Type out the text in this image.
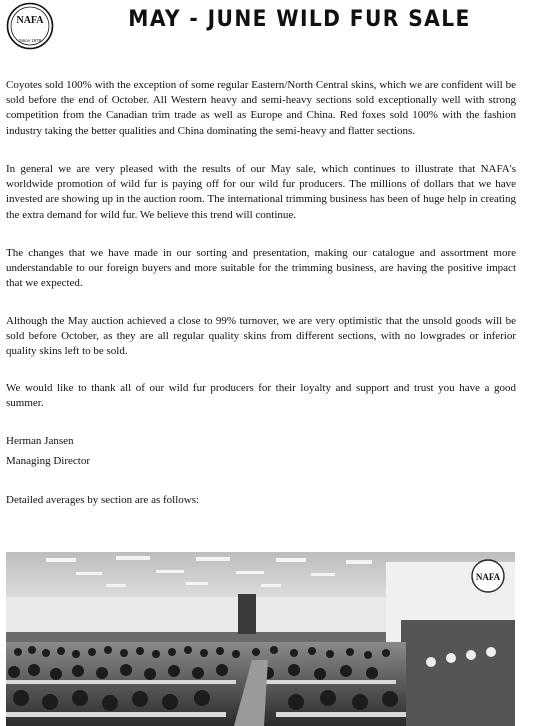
NAFA
Since 1978
MAY - JUNE WILD FUR SALE

Coyotes sold 100% with the exception of some regular Eastern/North Central skins, which we are confident will be sold before the end of October. All Western heavy and semi-heavy sections sold exceptionally well with strong competition from the Canadian trim trade as well as Europe and China. Red foxes sold 100% with the fashion industry taking the better qualities and China dominating the semi-heavy and flatter sections.

In general we are very pleased with the results of our May sale, which continues to illustrate that NAFA's worldwide promotion of wild fur is paying off for our wild fur producers. The millions of dollars that we have invested are showing up in the auction room. The international trimming business has been of huge help in creating the extra demand for wild fur. We believe this trend will continue.

The changes that we have made in our sorting and presentation, making our catalogue and assortment more understandable to our foreign buyers and more suitable for the trimming business, are having the positive impact that we expected.

Although the May auction achieved a close to 99% turnover, we are very optimistic that the unsold goods will be sold before October, as they are all regular quality skins from different sections, with no lowgrades or inferior quality skins left to be sold.

We would like to thank all of our wild fur producers for their loyalty and support and trust you have a good summer.

Herman Jansen

Managing Director

Detailed averages by section are as follows:

NAFA
